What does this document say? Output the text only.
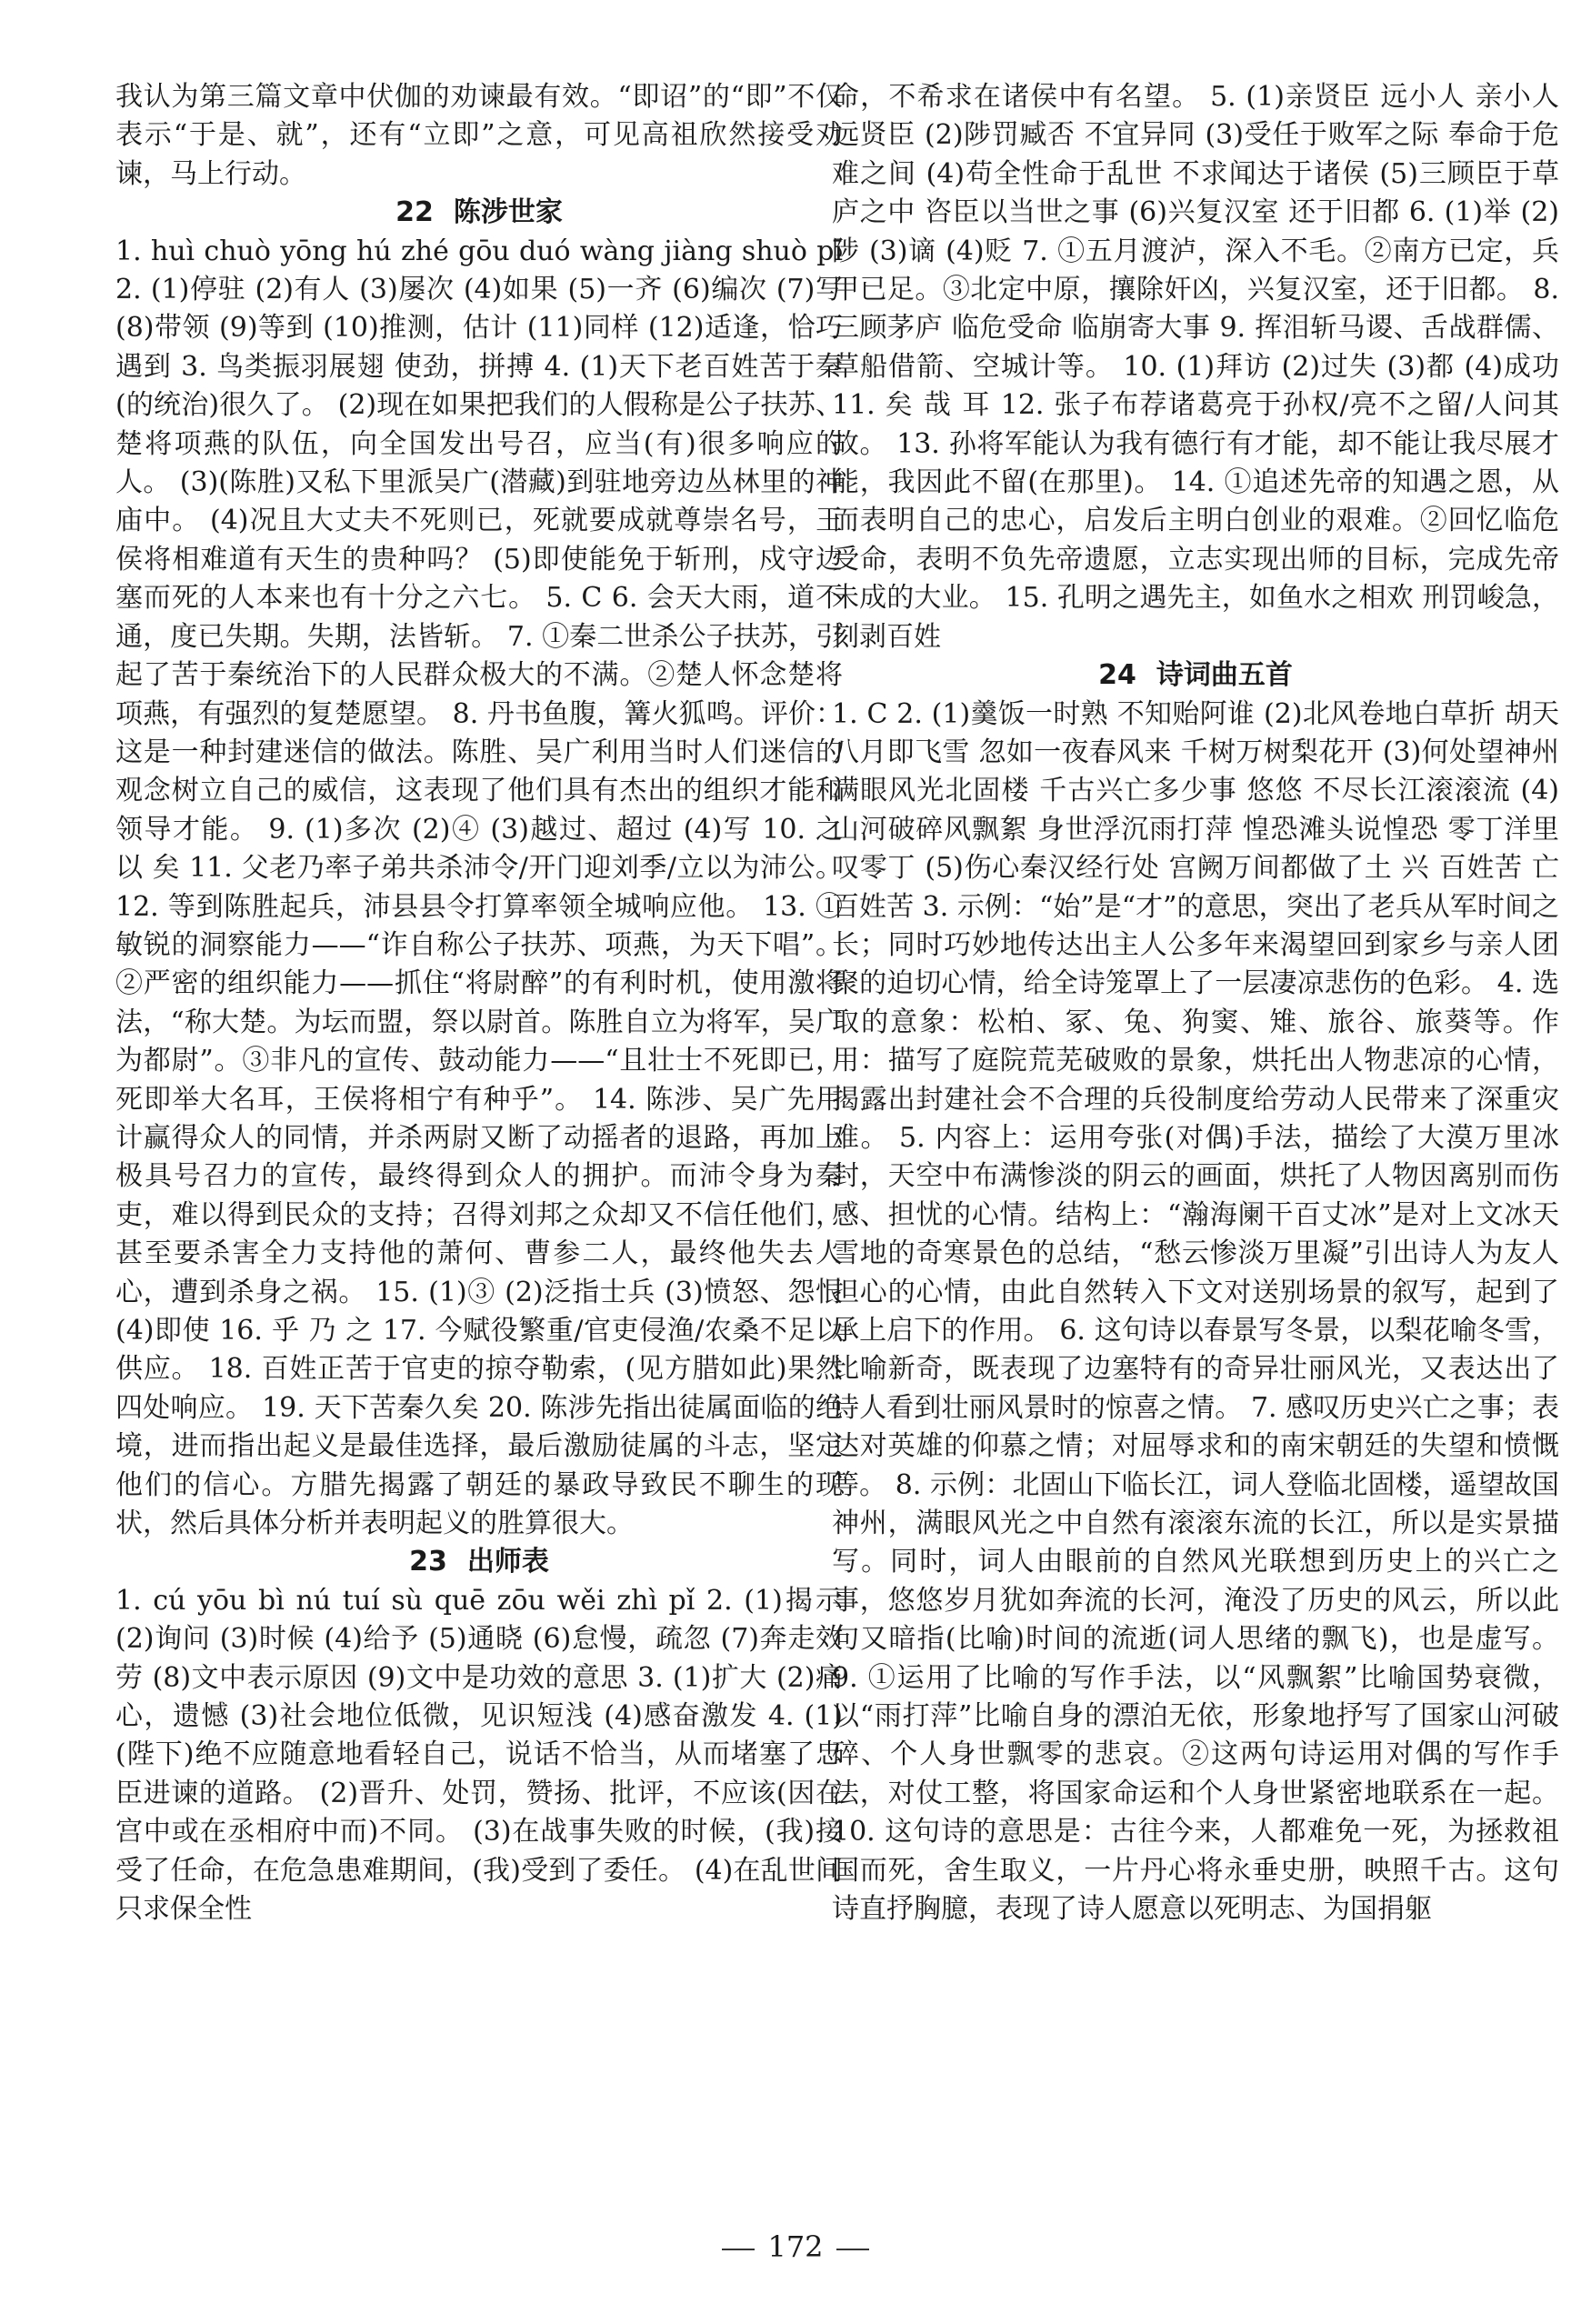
我认为第三篇文章中伏伽的劝谏最有效。“即诏”的“即”不仅表示“于是、就”，还有“立即”之意，可见高祖欣然接受劝谏，马上行动。

22 陈涉世家

1. huì chuò yōng hú zhé gōu duó wàng jiàng shuò pī 2. (1)停驻 (2)有人 (3)屡次 (4)如果 (5)一齐 (6)编次 (7)写 (8)带领 (9)等到 (10)推测，估计 (11)同样 (12)适逢，恰巧遇到 3. 鸟类振羽展翅 使劲，拼搏 4. (1)天下老百姓苦于秦(的统治)很久了。 (2)现在如果把我们的人假称是公子扶苏、楚将项燕的队伍，向全国发出号召，应当(有)很多响应的人。 (3)(陈胜)又私下里派吴广(潜藏)到驻地旁边丛林里的神庙中。 (4)况且大丈夫不死则已，死就要成就尊崇名号，王侯将相难道有天生的贵种吗？ (5)即使能免于斩刑，戍守边塞而死的人本来也有十分之六七。 5. C 6. 会天大雨，道不通，度已失期。失期，法皆斩。 7. ①秦二世杀公子扶苏，引起了苦于秦统治下的人民群众极大的不满。②楚人怀念楚将项燕，有强烈的复楚愿望。 8. 丹书鱼腹，篝火狐鸣。评价：这是一种封建迷信的做法。陈胜、吴广利用当时人们迷信的观念树立自己的威信，这表现了他们具有杰出的组织才能和领导才能。 9. (1)多次 (2)④ (3)越过、超过 (4)写 10. 之 以 矣 11. 父老乃率子弟共杀沛令/开门迎刘季/立以为沛公。 12. 等到陈胜起兵，沛县县令打算率领全城响应他。 13. ①敏锐的洞察能力——“诈自称公子扶苏、项燕，为天下唱”。②严密的组织能力——抓住“将尉醉”的有利时机，使用激将法，“称大楚。为坛而盟，祭以尉首。陈胜自立为将军，吴广为都尉”。③非凡的宣传、鼓动能力——“且壮士不死即已，死即举大名耳，王侯将相宁有种乎”。 14. 陈涉、吴广先用计赢得众人的同情，并杀两尉又断了动摇者的退路，再加上极具号召力的宣传，最终得到众人的拥护。而沛令身为秦吏，难以得到民众的支持；召得刘邦之众却又不信任他们，甚至要杀害全力支持他的萧何、曹参二人，最终他失去人心，遭到杀身之祸。 15. (1)③ (2)泛指士兵 (3)愤怒、怨恨 (4)即使 16. 乎 乃 之 17. 今赋役繁重/官吏侵渔/农桑不足以供应。 18. 百姓正苦于官吏的掠夺勒索，(见方腊如此)果然四处响应。 19. 天下苦秦久矣 20. 陈涉先指出徒属面临的绝境，进而指出起义是最佳选择，最后激励徒属的斗志，坚定他们的信心。方腊先揭露了朝廷的暴政导致民不聊生的现状，然后具体分析并表明起义的胜算很大。

23 出师表

1. cú yōu bì nú tuí sù quē zōu wěi zhì pǐ 2. (1)揭示 (2)询问 (3)时候 (4)给予 (5)通晓 (6)怠慢，疏忽 (7)奔走效劳 (8)文中表示原因 (9)文中是功效的意思 3. (1)扩大 (2)痛心，遗憾 (3)社会地位低微，见识短浅 (4)感奋激发 4. (1)(陛下)绝不应随意地看轻自己，说话不恰当，从而堵塞了忠臣进谏的道路。 (2)晋升、处罚，赞扬、批评，不应该(因在宫中或在丞相府中而)不同。 (3)在战事失败的时候，(我)接受了任命，在危急患难期间，(我)受到了委任。 (4)在乱世间只求保全性

命，不希求在诸侯中有名望。 5. (1)亲贤臣 远小人 亲小人 远贤臣 (2)陟罚臧否 不宜异同 (3)受任于败军之际 奉命于危难之间 (4)苟全性命于乱世 不求闻达于诸侯 (5)三顾臣于草庐之中 咨臣以当世之事 (6)兴复汉室 还于旧都 6. (1)举 (2)陟 (3)谪 (4)贬 7. ①五月渡泸，深入不毛。②南方已定，兵甲已足。③北定中原，攘除奸凶，兴复汉室，还于旧都。 8. 三顾茅庐 临危受命 临崩寄大事 9. 挥泪斩马谡、舌战群儒、草船借箭、空城计等。 10. (1)拜访 (2)过失 (3)都 (4)成功 11. 矣 哉 耳 12. 张子布荐诸葛亮于孙权/亮不之留/人问其故。 13. 孙将军能认为我有德行有才能，却不能让我尽展才能，我因此不留(在那里)。 14. ①追述先帝的知遇之恩，从而表明自己的忠心，启发后主明白创业的艰难。②回忆临危受命，表明不负先帝遗愿，立志实现出师的目标，完成先帝未成的大业。 15. 孔明之遇先主，如鱼水之相欢 刑罚峻急，刻剥百姓

24 诗词曲五首

1. C 2. (1)羹饭一时熟 不知贻阿谁 (2)北风卷地白草折 胡天八月即飞雪 忽如一夜春风来 千树万树梨花开 (3)何处望神州 满眼风光北固楼 千古兴亡多少事 悠悠 不尽长江滚滚流 (4)山河破碎风飘絮 身世浮沉雨打萍 惶恐滩头说惶恐 零丁洋里叹零丁 (5)伤心秦汉经行处 宫阙万间都做了土 兴 百姓苦 亡 百姓苦 3. 示例：“始”是“才”的意思，突出了老兵从军时间之长；同时巧妙地传达出主人公多年来渴望回到家乡与亲人团聚的迫切心情，给全诗笼罩上了一层凄凉悲伤的色彩。 4. 选取的意象：松柏、冢、兔、狗窦、雉、旅谷、旅葵等。作用：描写了庭院荒芜破败的景象，烘托出人物悲凉的心情，揭露出封建社会不合理的兵役制度给劳动人民带来了深重灾难。 5. 内容上：运用夸张(对偶)手法，描绘了大漠万里冰封，天空中布满惨淡的阴云的画面，烘托了人物因离别而伤感、担忧的心情。结构上：“瀚海阑干百丈冰”是对上文冰天雪地的奇寒景色的总结，“愁云惨淡万里凝”引出诗人为友人担心的心情，由此自然转入下文对送别场景的叙写，起到了承上启下的作用。 6. 这句诗以春景写冬景，以梨花喻冬雪，比喻新奇，既表现了边塞特有的奇异壮丽风光，又表达出了诗人看到壮丽风景时的惊喜之情。 7. 感叹历史兴亡之事；表达对英雄的仰慕之情；对屈辱求和的南宋朝廷的失望和愤慨等。 8. 示例：北固山下临长江，词人登临北固楼，遥望故国神州，满眼风光之中自然有滚滚东流的长江，所以是实景描写。同时，词人由眼前的自然风光联想到历史上的兴亡之事，悠悠岁月犹如奔流的长河，淹没了历史的风云，所以此句又暗指(比喻)时间的流逝(词人思绪的飘飞)，也是虚写。 9. ①运用了比喻的写作手法，以“风飘絮”比喻国势衰微，以“雨打萍”比喻自身的漂泊无依，形象地抒写了国家山河破碎、个人身世飘零的悲哀。②这两句诗运用对偶的写作手法，对仗工整，将国家命运和个人身世紧密地联系在一起。 10. 这句诗的意思是：古往今来，人都难免一死，为拯救祖国而死，舍生取义，一片丹心将永垂史册，映照千古。这句诗直抒胸臆，表现了诗人愿意以死明志、为国捐躯

172
